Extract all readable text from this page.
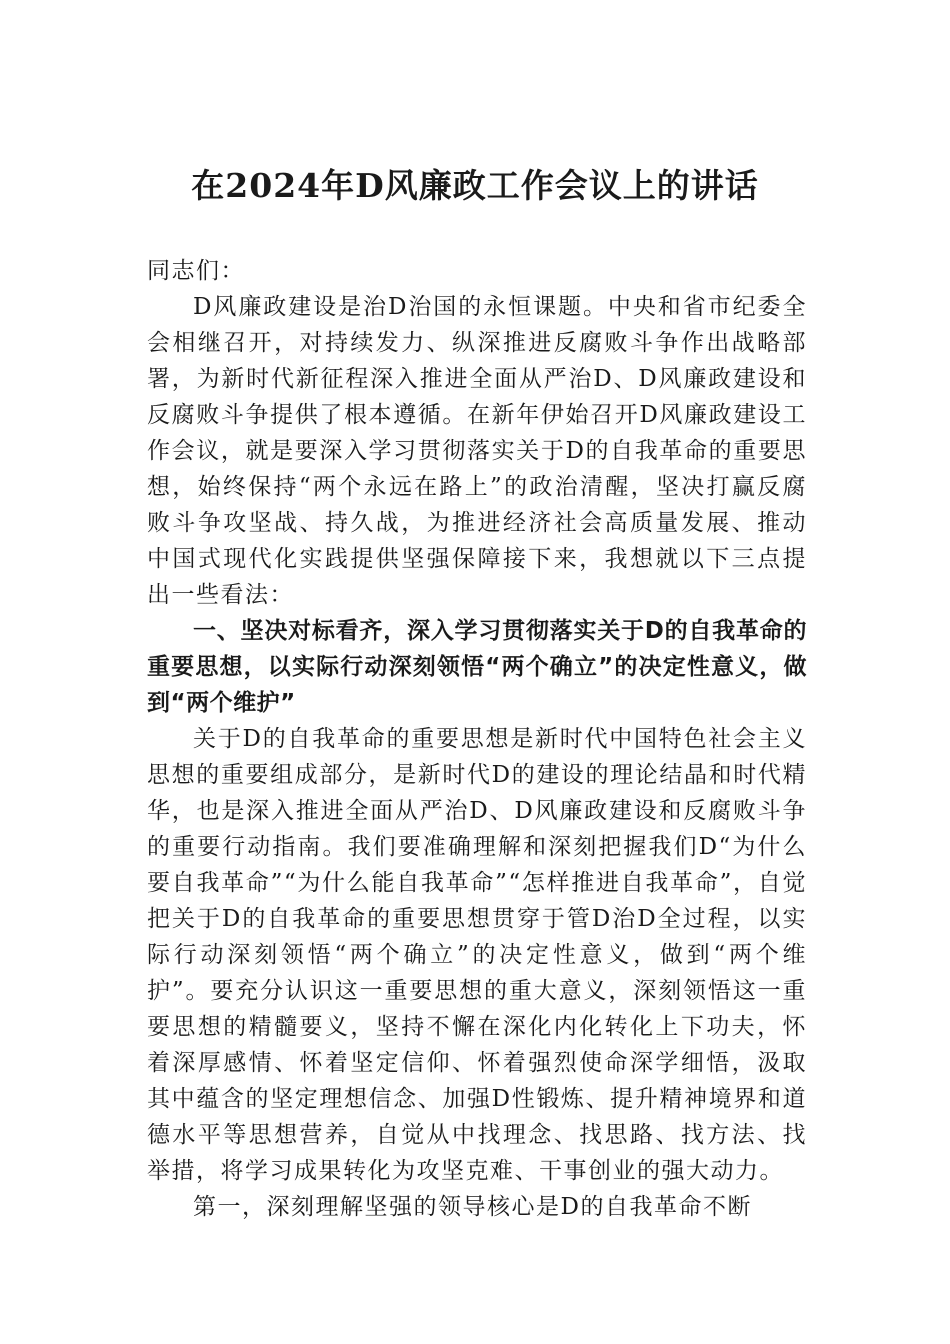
在2024年D风廉政工作会议上的讲话

同志们：

D风廉政建设是治D治国的永恒课题。中央和省市纪委全会相继召开，对持续发力、纵深推进反腐败斗争作出战略部署，为新时代新征程深入推进全面从严治D、D风廉政建设和反腐败斗争提供了根本遵循。在新年伊始召开D风廉政建设工作会议，就是要深入学习贯彻落实关于D的自我革命的重要思想，始终保持“两个永远在路上”的政治清醒，坚决打赢反腐败斗争攻坚战、持久战，为推进经济社会高质量发展、推动中国式现代化实践提供坚强保障接下来，我想就以下三点提出一些看法：

一、坚决对标看齐，深入学习贯彻落实关于D的自我革命的重要思想，以实际行动深刻领悟“两个确立”的决定性意义，做到“两个维护”

关于D的自我革命的重要思想是新时代中国特色社会主义思想的重要组成部分，是新时代D的建设的理论结晶和时代精华，也是深入推进全面从严治D、D风廉政建设和反腐败斗争的重要行动指南。我们要准确理解和深刻把握我们D“为什么要自我革命”“为什么能自我革命”“怎样推进自我革命”，自觉把关于D的自我革命的重要思想贯穿于管D治D全过程，以实际行动深刻领悟“两个确立”的决定性意义，做到“两个维护”。要充分认识这一重要思想的重大意义，深刻领悟这一重要思想的精髓要义，坚持不懈在深化内化转化上下功夫，怀着深厚感情、怀着坚定信仰、怀着强烈使命深学细悟，汲取其中蕴含的坚定理想信念、加强D性锻炼、提升精神境界和道德水平等思想营养，自觉从中找理念、找思路、找方法、找举措，将学习成果转化为攻坚克难、干事创业的强大动力。

第一，深刻理解坚强的领导核心是D的自我革命不断
